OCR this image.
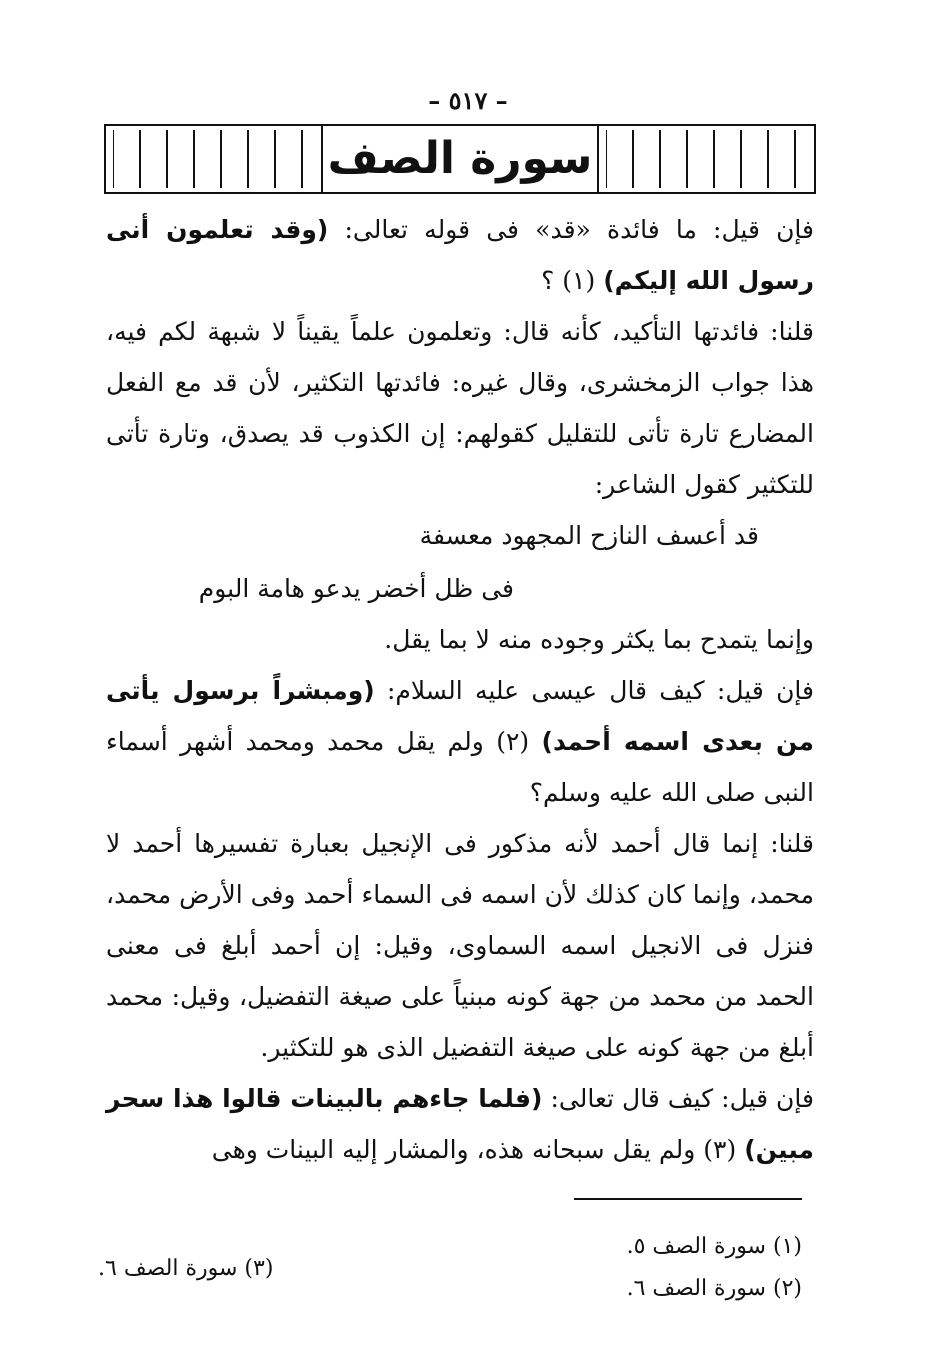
– ٥١٧ –
سورة الصف

فإن قيل: ما فائدة «قد» فى قوله تعالى: (وقد تعلمون أنى رسول الله إليكم) (١) ؟

قلنا: فائدتها التأكيد، كأنه قال: وتعلمون علماً يقيناً لا شبهة لكم فيه، هذا جواب الزمخشرى، وقال غيره: فائدتها التكثير، لأن قد مع الفعل المضارع تارة تأتى للتقليل كقولهم: إن الكذوب قد يصدق، وتارة تأتى للتكثير كقول الشاعر:

قد أعسف النازح المجهود معسفة

فى ظل أخضر يدعو هامة البوم

وإنما يتمدح بما يكثر وجوده منه لا بما يقل.

فإن قيل: كيف قال عيسى عليه السلام: (ومبشراً برسول يأتى من بعدى اسمه أحمد) (٢) ولم يقل محمد ومحمد أشهر أسماء النبى صلى الله عليه وسلم؟

قلنا: إنما قال أحمد لأنه مذكور فى الإنجيل بعبارة تفسيرها أحمد لا محمد، وإنما كان كذلك لأن اسمه فى السماء أحمد وفى الأرض محمد، فنزل فى الانجيل اسمه السماوى، وقيل: إن أحمد أبلغ فى معنى الحمد من محمد من جهة كونه مبنياً على صيغة التفضيل، وقيل: محمد أبلغ من جهة كونه على صيغة التفضيل الذى هو للتكثير.

فإن قيل: كيف قال تعالى: (فلما جاءهم بالبينات قالوا هذا سحر مبين) (٣) ولم يقل سبحانه هذه، والمشار إليه البينات وهى

(١) سورة الصف ٥.
(٢) سورة الصف ٦.
(٣) سورة الصف ٦.
